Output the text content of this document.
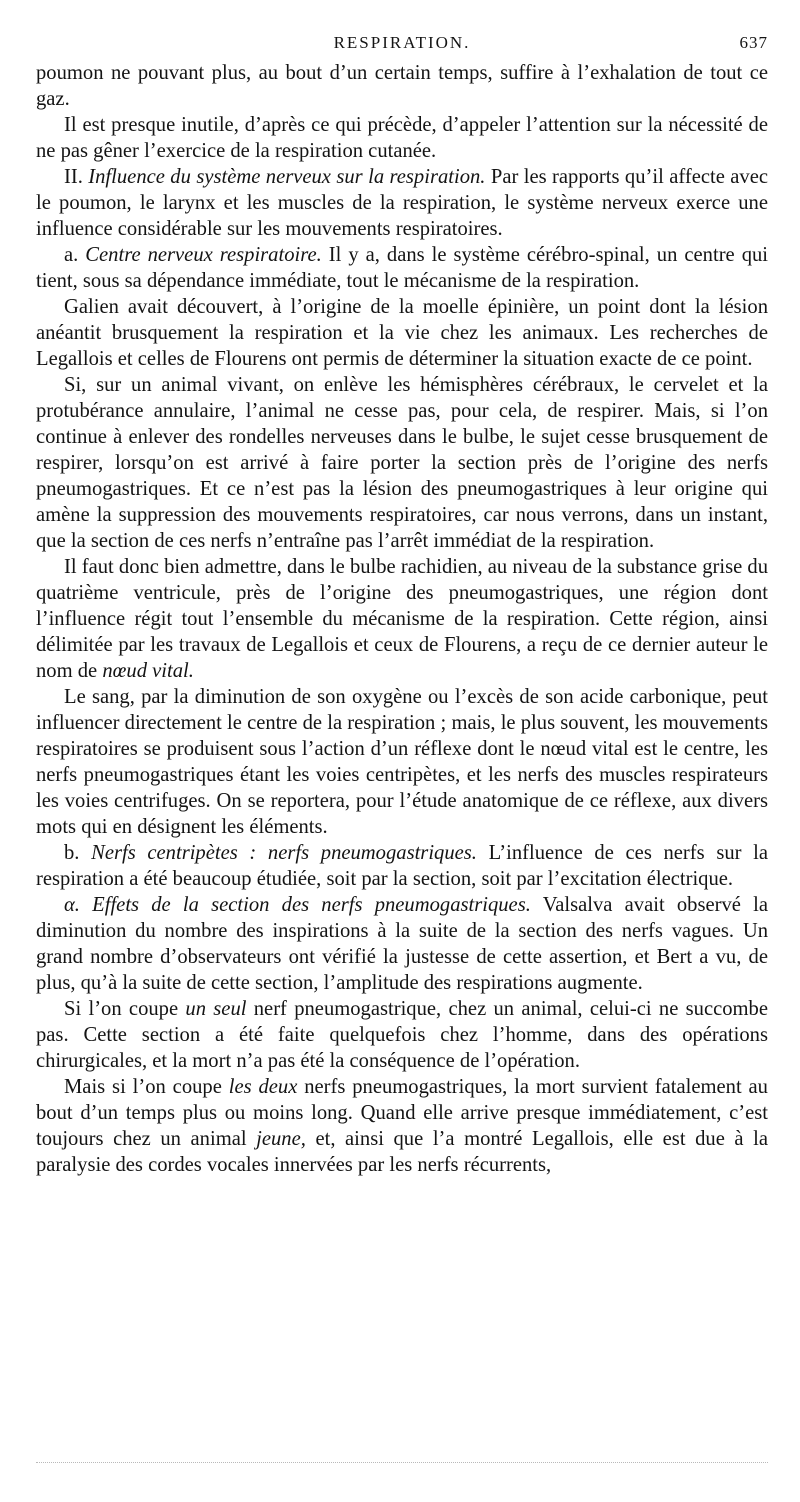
RESPIRATION.	637

poumon ne pouvant plus, au bout d’un certain temps, suffire à l’exhalation de tout ce gaz.

Il est presque inutile, d’après ce qui précède, d’appeler l’attention sur la nécessité de ne pas gêner l’exercice de la respiration cutanée.

II. Influence du système nerveux sur la respiration. Par les rapports qu’il affecte avec le poumon, le larynx et les muscles de la respiration, le système nerveux exerce une influence considérable sur les mouvements respiratoires.

a. Centre nerveux respiratoire. Il y a, dans le système cérébro-spinal, un centre qui tient, sous sa dépendance immédiate, tout le mécanisme de la respiration.

Galien avait découvert, à l’origine de la moelle épinière, un point dont la lésion anéantit brusquement la respiration et la vie chez les animaux. Les recherches de Legallois et celles de Flourens ont permis de déterminer la situation exacte de ce point.

Si, sur un animal vivant, on enlève les hémisphères cérébraux, le cervelet et la protubérance annulaire, l’animal ne cesse pas, pour cela, de respirer. Mais, si l’on continue à enlever des rondelles nerveuses dans le bulbe, le sujet cesse brusquement de respirer, lorsqu’on est arrivé à faire porter la section près de l’origine des nerfs pneumogastriques. Et ce n’est pas la lésion des pneumogastriques à leur origine qui amène la suppression des mouvements respiratoires, car nous verrons, dans un instant, que la section de ces nerfs n’entraîne pas l’arrêt immédiat de la respiration.

Il faut donc bien admettre, dans le bulbe rachidien, au niveau de la substance grise du quatrième ventricule, près de l’origine des pneumogastriques, une région dont l’influence régit tout l’ensemble du mécanisme de la respiration. Cette région, ainsi délimitée par les travaux de Legallois et ceux de Flourens, a reçu de ce dernier auteur le nom de nœud vital.

Le sang, par la diminution de son oxygène ou l’excès de son acide carbonique, peut influencer directement le centre de la respiration ; mais, le plus souvent, les mouvements respiratoires se produisent sous l’action d’un réflexe dont le nœud vital est le centre, les nerfs pneumogastriques étant les voies centripètes, et les nerfs des muscles respirateurs les voies centrifuges. On se reportera, pour l’étude anatomique de ce réflexe, aux divers mots qui en désignent les éléments.

b. Nerfs centripètes : nerfs pneumogastriques. L’influence de ces nerfs sur la respiration a été beaucoup étudiée, soit par la section, soit par l’excitation électrique.

α. Effets de la section des nerfs pneumogastriques. Valsalva avait observé la diminution du nombre des inspirations à la suite de la section des nerfs vagues. Un grand nombre d’observateurs ont vérifié la justesse de cette assertion, et Bert a vu, de plus, qu’à la suite de cette section, l’amplitude des respirations augmente.

Si l’on coupe un seul nerf pneumogastrique, chez un animal, celui-ci ne succombe pas. Cette section a été faite quelquefois chez l’homme, dans des opérations chirurgicales, et la mort n’a pas été la conséquence de l’opération.

Mais si l’on coupe les deux nerfs pneumogastriques, la mort survient fatalement au bout d’un temps plus ou moins long. Quand elle arrive presque immédiatement, c’est toujours chez un animal jeune, et, ainsi que l’a montré Legallois, elle est due à la paralysie des cordes vocales innervées par les nerfs récurrents,
